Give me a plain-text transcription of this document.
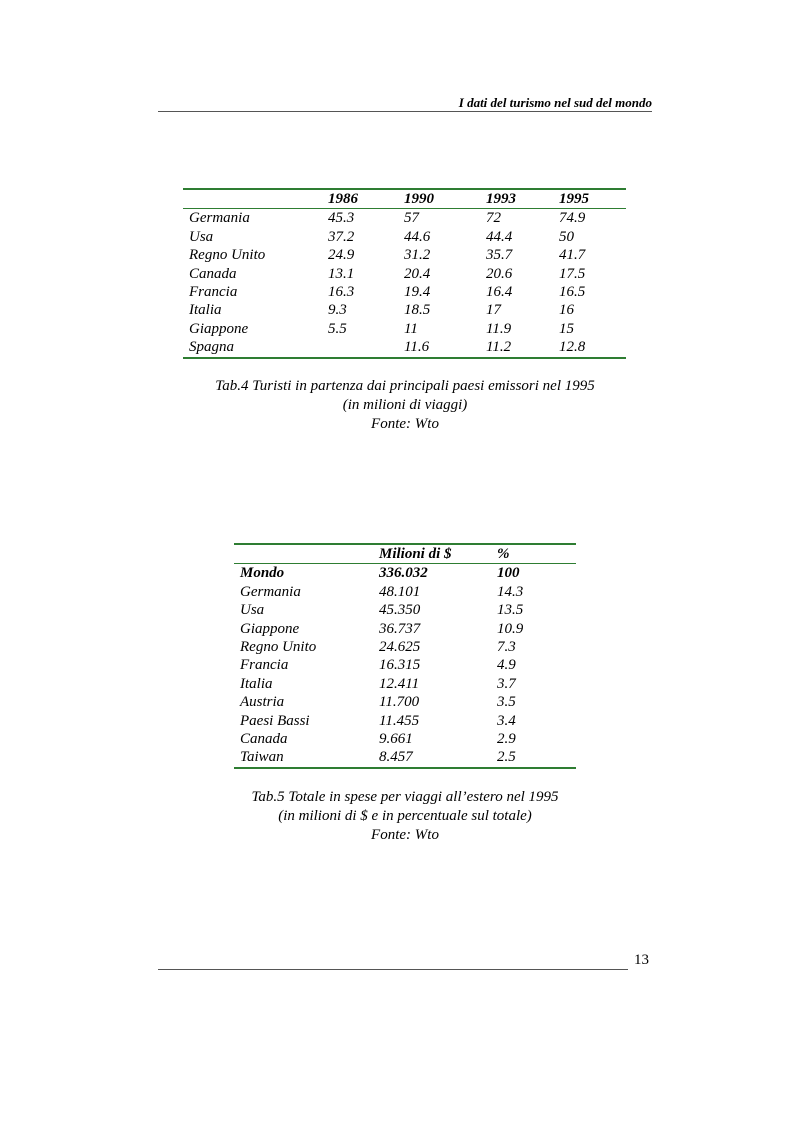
I dati del turismo nel sud del mondo
	1986	1990	1993	1995
Germania	45.3	57	72	74.9
Usa	37.2	44.6	44.4	50
Regno Unito	24.9	31.2	35.7	41.7
Canada	13.1	20.4	20.6	17.5
Francia	16.3	19.4	16.4	16.5
Italia	9.3	18.5	17	16
Giappone	5.5	11	11.9	15
Spagna		11.6	11.2	12.8
Tab.4 Turisti in partenza dai principali paesi emissori nel 1995
(in milioni di viaggi)
Fonte: Wto
	Milioni di $	%
Mondo	336.032	100
Germania	48.101	14.3
Usa	45.350	13.5
Giappone	36.737	10.9
Regno Unito	24.625	7.3
Francia	16.315	4.9
Italia	12.411	3.7
Austria	11.700	3.5
Paesi Bassi	11.455	3.4
Canada	9.661	2.9
Taiwan	8.457	2.5
Tab.5 Totale in spese per viaggi all’estero nel 1995
(in milioni di $ e in percentuale sul totale)
Fonte: Wto
13
